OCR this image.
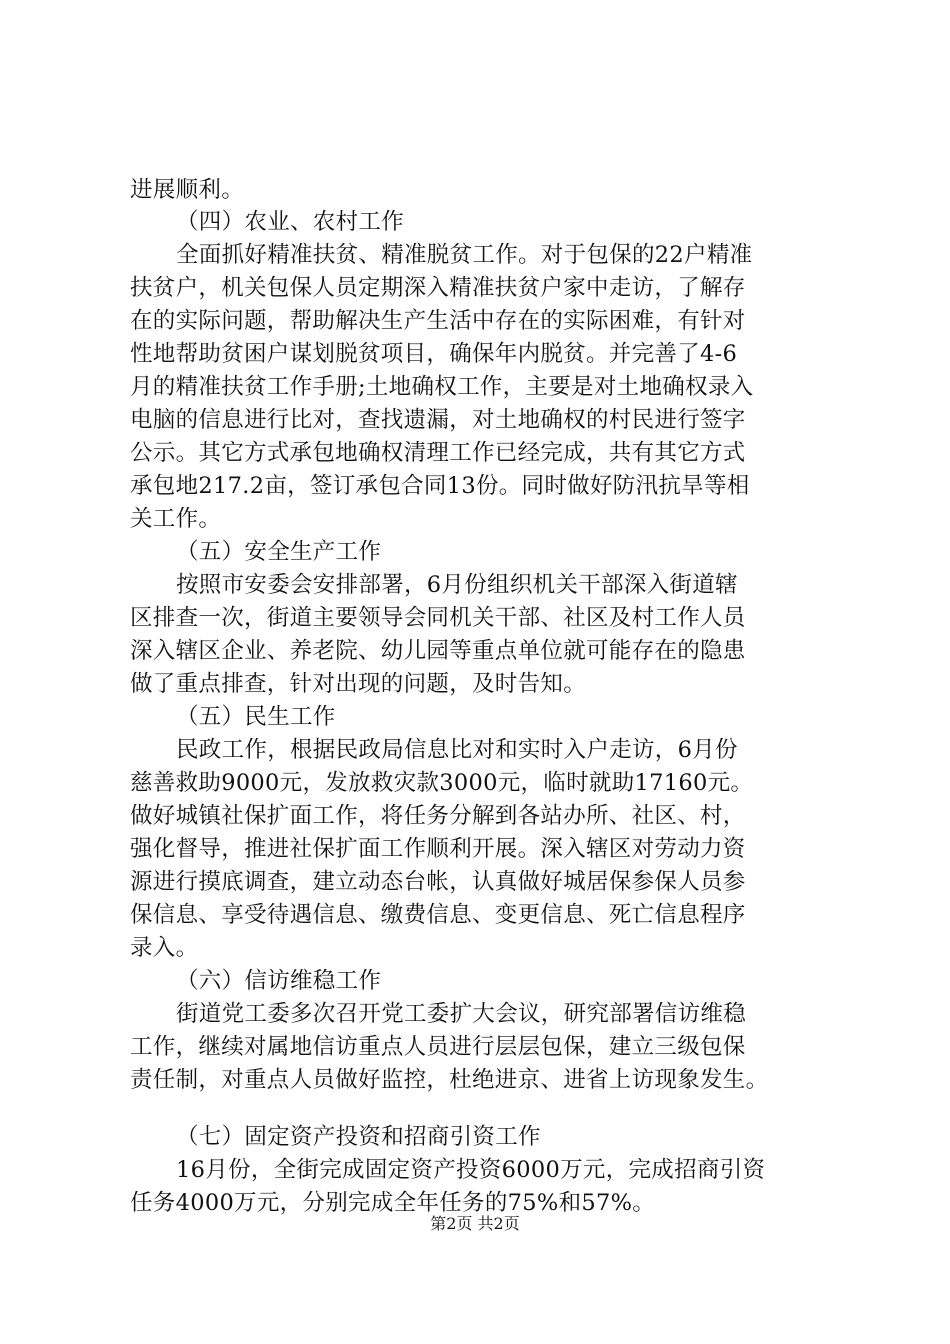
进展顺利。
（四）农业、农村工作
全面抓好精准扶贫、精准脱贫工作。对于包保的22户精准
扶贫户，机关包保人员定期深入精准扶贫户家中走访，了解存
在的实际问题，帮助解决生产生活中存在的实际困难，有针对
性地帮助贫困户谋划脱贫项目，确保年内脱贫。并完善了4-6
月的精准扶贫工作手册;土地确权工作，主要是对土地确权录入
电脑的信息进行比对，查找遗漏，对土地确权的村民进行签字
公示。其它方式承包地确权清理工作已经完成，共有其它方式
承包地217.2亩，签订承包合同13份。同时做好防汛抗旱等相
关工作。
（五）安全生产工作
按照市安委会安排部署，6月份组织机关干部深入街道辖
区排查一次，街道主要领导会同机关干部、社区及村工作人员
深入辖区企业、养老院、幼儿园等重点单位就可能存在的隐患
做了重点排查，针对出现的问题，及时告知。
（五）民生工作
民政工作，根据民政局信息比对和实时入户走访，6月份
慈善救助9000元，发放救灾款3000元，临时就助17160元。
做好城镇社保扩面工作，将任务分解到各站办所、社区、村，
强化督导，推进社保扩面工作顺利开展。深入辖区对劳动力资
源进行摸底调查，建立动态台帐，认真做好城居保参保人员参
保信息、享受待遇信息、缴费信息、变更信息、死亡信息程序
录入。
（六）信访维稳工作
街道党工委多次召开党工委扩大会议，研究部署信访维稳
工作，继续对属地信访重点人员进行层层包保，建立三级包保
责任制，对重点人员做好监控，杜绝进京、进省上访现象发生。
（七）固定资产投资和招商引资工作
16月份，全街完成固定资产投资6000万元，完成招商引资
任务4000万元，分别完成全年任务的75%和57%。
第2页 共2页
